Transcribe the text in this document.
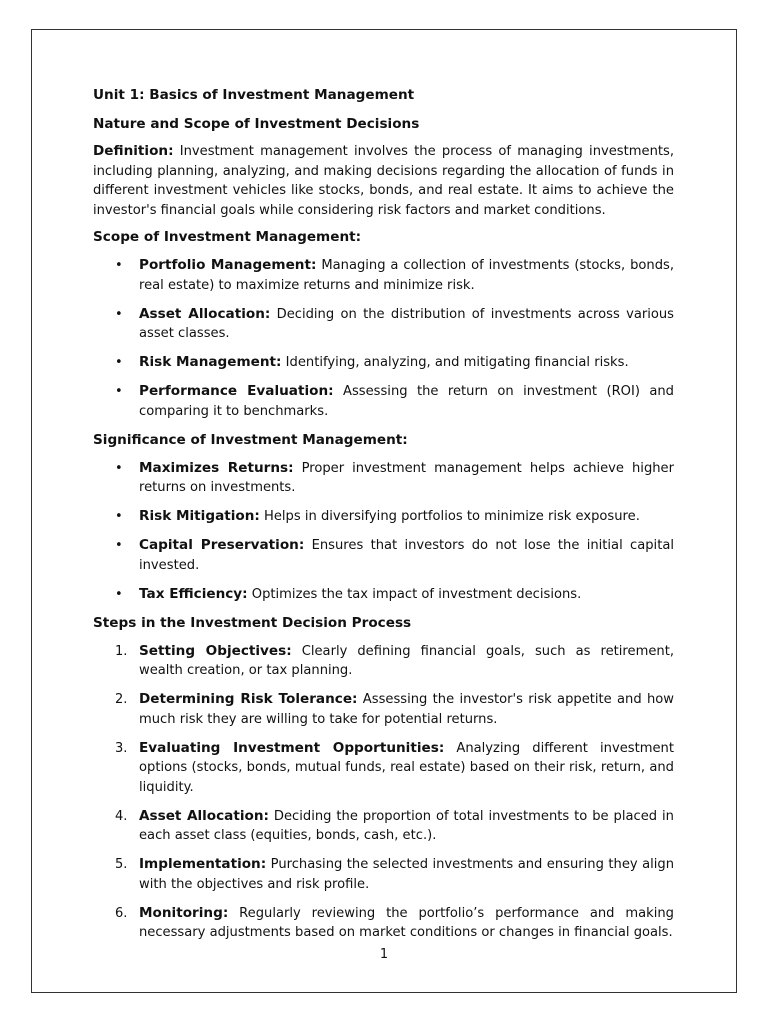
Unit 1: Basics of Investment Management
Nature and Scope of Investment Decisions

Definition: Investment management involves the process of managing investments, including planning, analyzing, and making decisions regarding the allocation of funds in different investment vehicles like stocks, bonds, and real estate. It aims to achieve the investor's financial goals while considering risk factors and market conditions.

Scope of Investment Management:
• Portfolio Management: Managing a collection of investments (stocks, bonds, real estate) to maximize returns and minimize risk.
• Asset Allocation: Deciding on the distribution of investments across various asset classes.
• Risk Management: Identifying, analyzing, and mitigating financial risks.
• Performance Evaluation: Assessing the return on investment (ROI) and comparing it to benchmarks.
Significance of Investment Management:
• Maximizes Returns: Proper investment management helps achieve higher returns on investments.
• Risk Mitigation: Helps in diversifying portfolios to minimize risk exposure.
• Capital Preservation: Ensures that investors do not lose the initial capital invested.
• Tax Efficiency: Optimizes the tax impact of investment decisions.
Steps in the Investment Decision Process
1. Setting Objectives: Clearly defining financial goals, such as retirement, wealth creation, or tax planning.
2. Determining Risk Tolerance: Assessing the investor's risk appetite and how much risk they are willing to take for potential returns.
3. Evaluating Investment Opportunities: Analyzing different investment options (stocks, bonds, mutual funds, real estate) based on their risk, return, and liquidity.
4. Asset Allocation: Deciding the proportion of total investments to be placed in each asset class (equities, bonds, cash, etc.).
5. Implementation: Purchasing the selected investments and ensuring they align with the objectives and risk profile.
6. Monitoring: Regularly reviewing the portfolio’s performance and making necessary adjustments based on market conditions or changes in financial goals.
1
